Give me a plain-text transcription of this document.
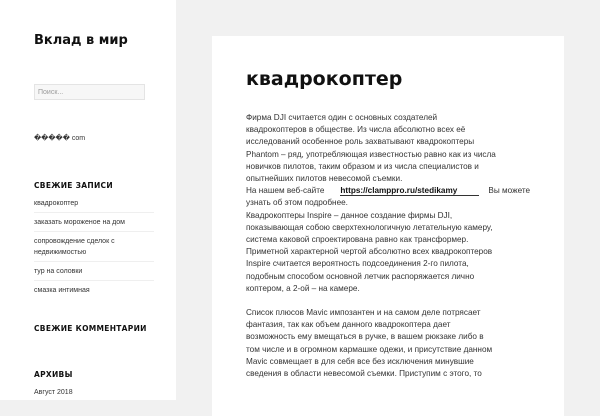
Вклад в мир
Поиск...
����� com
СВЕЖИЕ ЗАПИСИ
квадрокоптер
заказать мороженое на дом
сопровождение сделок с
недвижимостью
тур на соловки
смазка интимная
СВЕЖИЕ КОММЕНТАРИИ
АРХИВЫ
Август 2018
квадрокоптер

Фирма DJI считается один с основных создателей
квадрокоптеров в обществе. Из числа абсолютно всех её
исследований особенное роль захватывают квадрокоптеры
Phantom – ряд, употребляющая известностью равно как из числа
новичков пилотов, таким образом и из числа специалистов и
опытнейших пилотов невесомой съемки.
На нашем веб-сайте https://clamppro.ru/stedikamy	Вы можете
узнать об этом подробнее.
Квадрокоптеры Inspire – данное создание фирмы DJI,
показывающая собою сверхтехнологичную летательную камеру,
система каковой спроектирована равно как трансформер.
Приметной характерной чертой абсолютно всех квадрокоптеров
Inspire считается вероятность подсоединения 2-го пилота,
подобным способом основной летчик распоряжается лично
коптером, а 2-ой – на камере.

Список плюсов Mavic импозантен и на самом деле потрясает
фантазия, так как объем данного квадрокоптера дает
возможность ему вмещаться в ручке, в вашем рюкзаке либо в
том числе и в огромном кармашке одежи, и присутствие данном
Mavic совмещает в для себя все без исключения минувшие
сведения в области невесомой съемки. Приступим с этого, то
